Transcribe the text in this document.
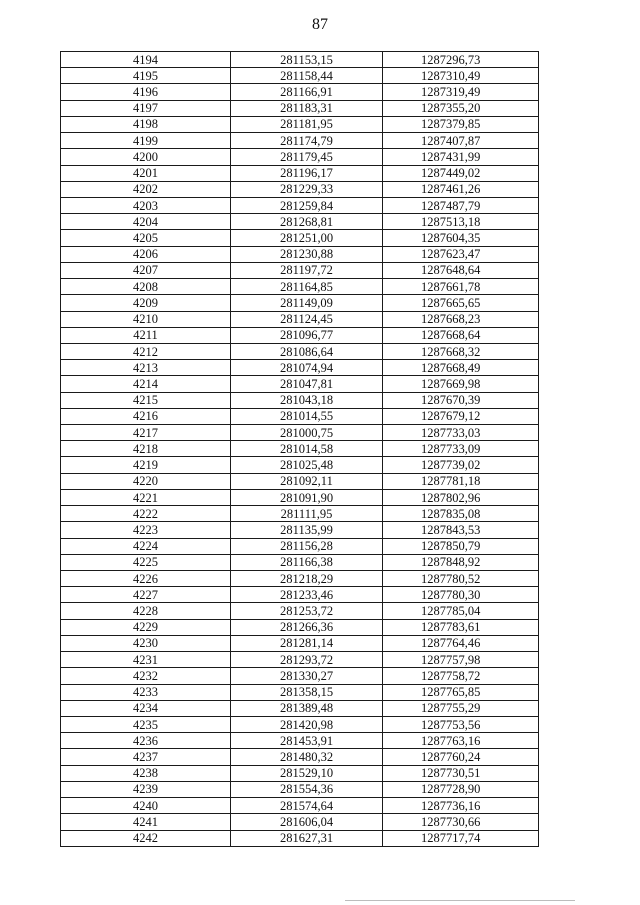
87
4194	281153,15	1287296,73
4195	281158,44	1287310,49
4196	281166,91	1287319,49
4197	281183,31	1287355,20
4198	281181,95	1287379,85
4199	281174,79	1287407,87
4200	281179,45	1287431,99
4201	281196,17	1287449,02
4202	281229,33	1287461,26
4203	281259,84	1287487,79
4204	281268,81	1287513,18
4205	281251,00	1287604,35
4206	281230,88	1287623,47
4207	281197,72	1287648,64
4208	281164,85	1287661,78
4209	281149,09	1287665,65
4210	281124,45	1287668,23
4211	281096,77	1287668,64
4212	281086,64	1287668,32
4213	281074,94	1287668,49
4214	281047,81	1287669,98
4215	281043,18	1287670,39
4216	281014,55	1287679,12
4217	281000,75	1287733,03
4218	281014,58	1287733,09
4219	281025,48	1287739,02
4220	281092,11	1287781,18
4221	281091,90	1287802,96
4222	281111,95	1287835,08
4223	281135,99	1287843,53
4224	281156,28	1287850,79
4225	281166,38	1287848,92
4226	281218,29	1287780,52
4227	281233,46	1287780,30
4228	281253,72	1287785,04
4229	281266,36	1287783,61
4230	281281,14	1287764,46
4231	281293,72	1287757,98
4232	281330,27	1287758,72
4233	281358,15	1287765,85
4234	281389,48	1287755,29
4235	281420,98	1287753,56
4236	281453,91	1287763,16
4237	281480,32	1287760,24
4238	281529,10	1287730,51
4239	281554,36	1287728,90
4240	281574,64	1287736,16
4241	281606,04	1287730,66
4242	281627,31	1287717,74
